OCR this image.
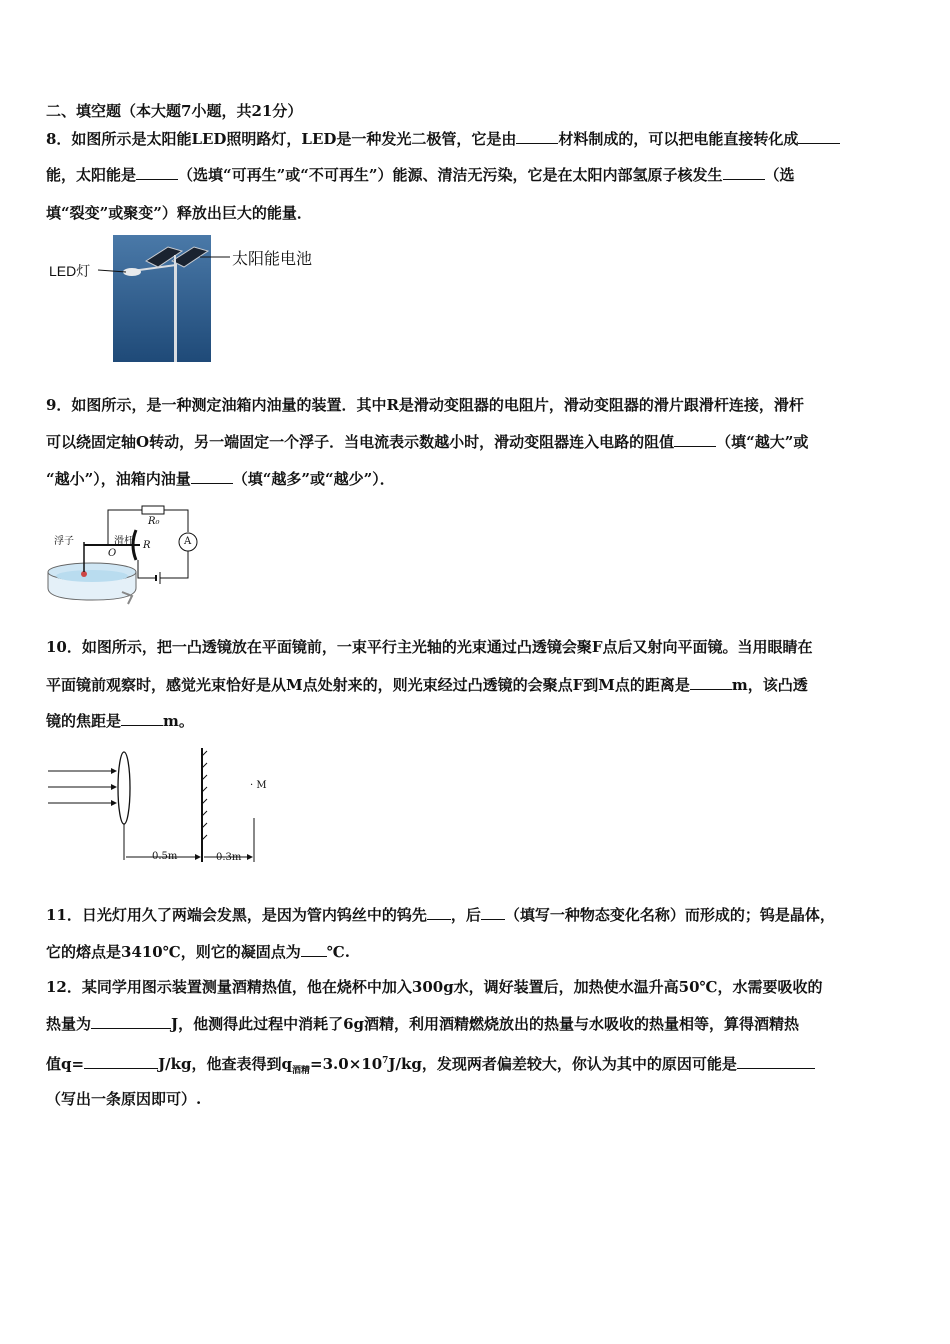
二、填空题（本大题7小题，共21分）
8．如图所示是太阳能LED照明路灯，LED是一种发光二极管，它是由	材料制成的，可以把电能直接转化成
能，太阳能是	（选填“可再生”或“不可再生”）能源、清洁无污染，它是在太阳内部氢原子核发生	（选
填“裂变”或聚变”）释放出巨大的能量．
LED灯
太阳能电池
9．如图所示，是一种测定油箱内油量的装置．其中R是滑动变阻器的电阻片，滑动变阻器的滑片跟滑杆连接，滑杆
可以绕固定轴O转动，另一端固定一个浮子．当电流表示数越小时，滑动变阻器连入电路的阻值	（填“越大”或
“越小”），油箱内油量	（填“越多”或“越少”）．
浮子	滑杆
R₀
R
O
A
10．如图所示，把一凸透镜放在平面镜前，一束平行主光轴的光束通过凸透镜会聚F点后又射向平面镜。当用眼睛在
平面镜前观察时，感觉光束恰好是从M点处射来的，则光束经过凸透镜的会聚点F到M点的距离是	m，该凸透
镜的焦距是	m。
· M
0.5m	0.3m
11．日光灯用久了两端会发黑，是因为管内钨丝中的钨先 ，后 （填写一种物态变化名称）而形成的；钨是晶体，
它的熔点是3410℃，则它的凝固点为 ℃.
12．某同学用图示装置测量酒精热值，他在烧杯中加入300g水，调好装置后，加热使水温升高50℃，水需要吸收的
热量为	J，他测得此过程中消耗了6g酒精，利用酒精燃烧放出的热量与水吸收的热量相等，算得酒精热
值q=	J/kg，他查表得到$q_{酒精}=3.0\times 10^7J/kg$，发现两者偏差较大，你认为其中的原因可能是
（写出一条原因即可）.
